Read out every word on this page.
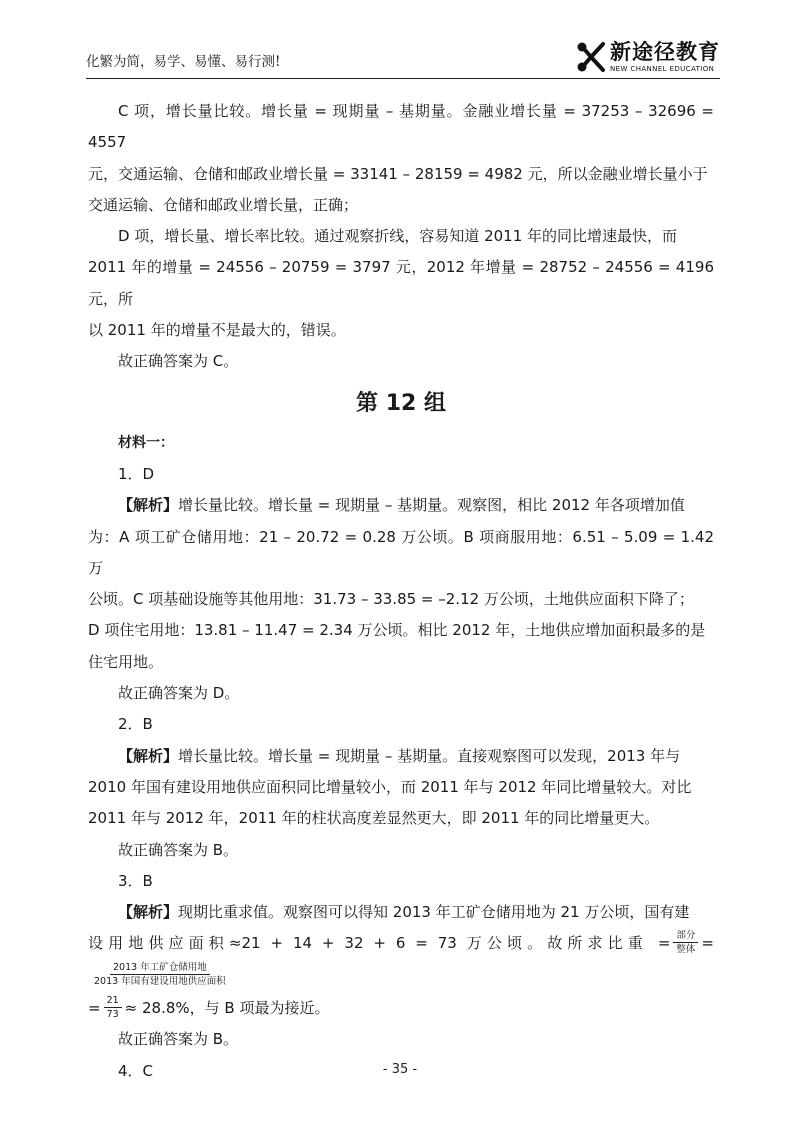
化繁为简，易学、易懂、易行测!	新途径教育
NEW CHANNEL EDUCATION

C 项，增长量比较。增长量 = 现期量 – 基期量。金融业增长量 = 37253 – 32696 = 4557

元，交通运输、仓储和邮政业增长量 = 33141 – 28159 = 4982 元，所以金融业增长量小于

交通运输、仓储和邮政业增长量，正确；

D 项，增长量、增长率比较。通过观察折线，容易知道 2011 年的同比增速最快，而

2011 年的增量 = 24556 – 20759 = 3797 元，2012 年增量 = 28752 – 24556 = 4196 元，所

以 2011 年的增量不是最大的，错误。

故正确答案为 C。

第 12 组

材料一：

1．D

【解析】增长量比较。增长量 = 现期量 – 基期量。观察图，相比 2012 年各项增加值

为：A 项工矿仓储用地：21 – 20.72 = 0.28 万公顷。B 项商服用地：6.51 – 5.09 = 1.42 万

公顷。C 项基础设施等其他用地：31.73 – 33.85 = –2.12 万公顷，土地供应面积下降了；

D 项住宅用地：13.81 – 11.47 = 2.34 万公顷。相比 2012 年，土地供应增加面积最多的是

住宅用地。

故正确答案为 D。

2．B

【解析】增长量比较。增长量 = 现期量 – 基期量。直接观察图可以发现，2013 年与

2010 年国有建设用地供应面积同比增量较小，而 2011 年与 2012 年同比增量较大。对比

2011 年与 2012 年，2011 年的柱状高度差显然更大，即 2011 年的同比增量更大。

故正确答案为 B。

3．B

【解析】现期比重求值。观察图可以得知 2013 年工矿仓储用地为 21 万公顷，国有建

设用地供应面积≈21 + 14 + 32 + 6 = 73 万公顷。故所求比重 = $\frac{\text{部分}}{\text{整体}}$ =
$\frac{\text{2013 年工矿仓储用地}}{\text{2013 年国有建设用地供应面积}}$

= $\frac{21}{73} \approx 28.8\%$，与 B 项最为接近。

故正确答案为 B。

4．C	- 35 -
